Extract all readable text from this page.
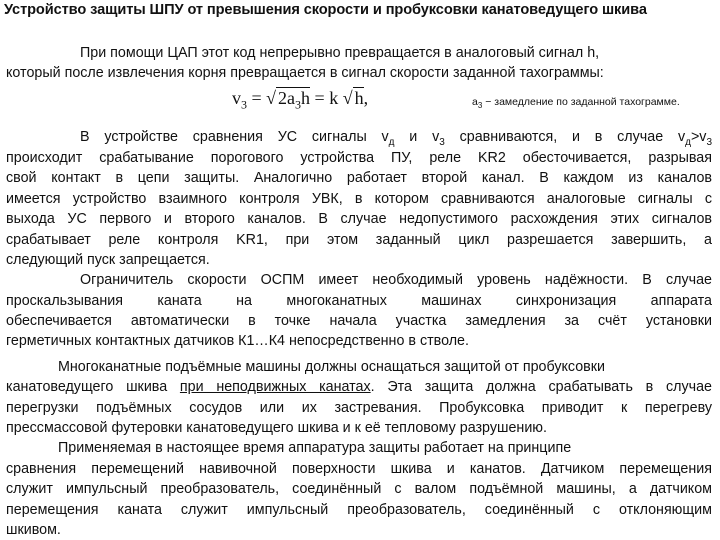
Устройство защиты ШПУ от превышения скорости и пробуксовки канатоведущего шкива
При помощи ЦАП этот код непрерывно превращается в аналоговый сигнал h,
который после извлечения корня превращается в сигнал скорости заданной тахограммы:
$v_3$ = √ $2a_3h = k$ √ h,	$a_3$ − замедление по заданной тахограмме.
В устройстве сравнения УС сигналы $v_д$ и $v_3$ сравниваются, и в случае $v_д>v_3$
происходит срабатывание порогового устройства ПУ, реле KR2 обесточивается, разрывая
свой контакт в цепи защиты. Аналогично работает второй канал. В каждом из каналов
имеется устройство взаимного контроля УВК, в котором сравниваются аналоговые сигналы с
выхода УС первого и второго каналов. В случае недопустимого расхождения этих сигналов
срабатывает реле контроля KR1, при этом заданный цикл разрешается завершить, а
следующий пуск запрещается.
Ограничитель скорости ОСПМ имеет необходимый уровень надёжности. В случае
проскальзывания каната на многоканатных машинах синхронизация аппарата
обеспечивается автоматически в точке начала участка замедления за счёт установки
герметичных контактных датчиков К1…К4 непосредственно в стволе.
Многоканатные подъёмные машины должны оснащаться защитой от пробуксовки
канатоведущего шкива при неподвижных канатах. Эта защита должна срабатывать в случае
перегрузки подъёмных сосудов или их застревания. Пробуксовка приводит к перегреву
прессмассовой футеровки канатоведущего шкива и к её тепловому разрушению.
Применяемая в настоящее время аппаратура защиты работает на принципе
сравнения перемещений навивочной поверхности шкива и канатов. Датчиком перемещения
служит импульсный преобразователь, соединённый с валом подъёмной машины, а датчиком
перемещения каната служит импульсный преобразователь, соединённый с отклоняющим
шкивом.
